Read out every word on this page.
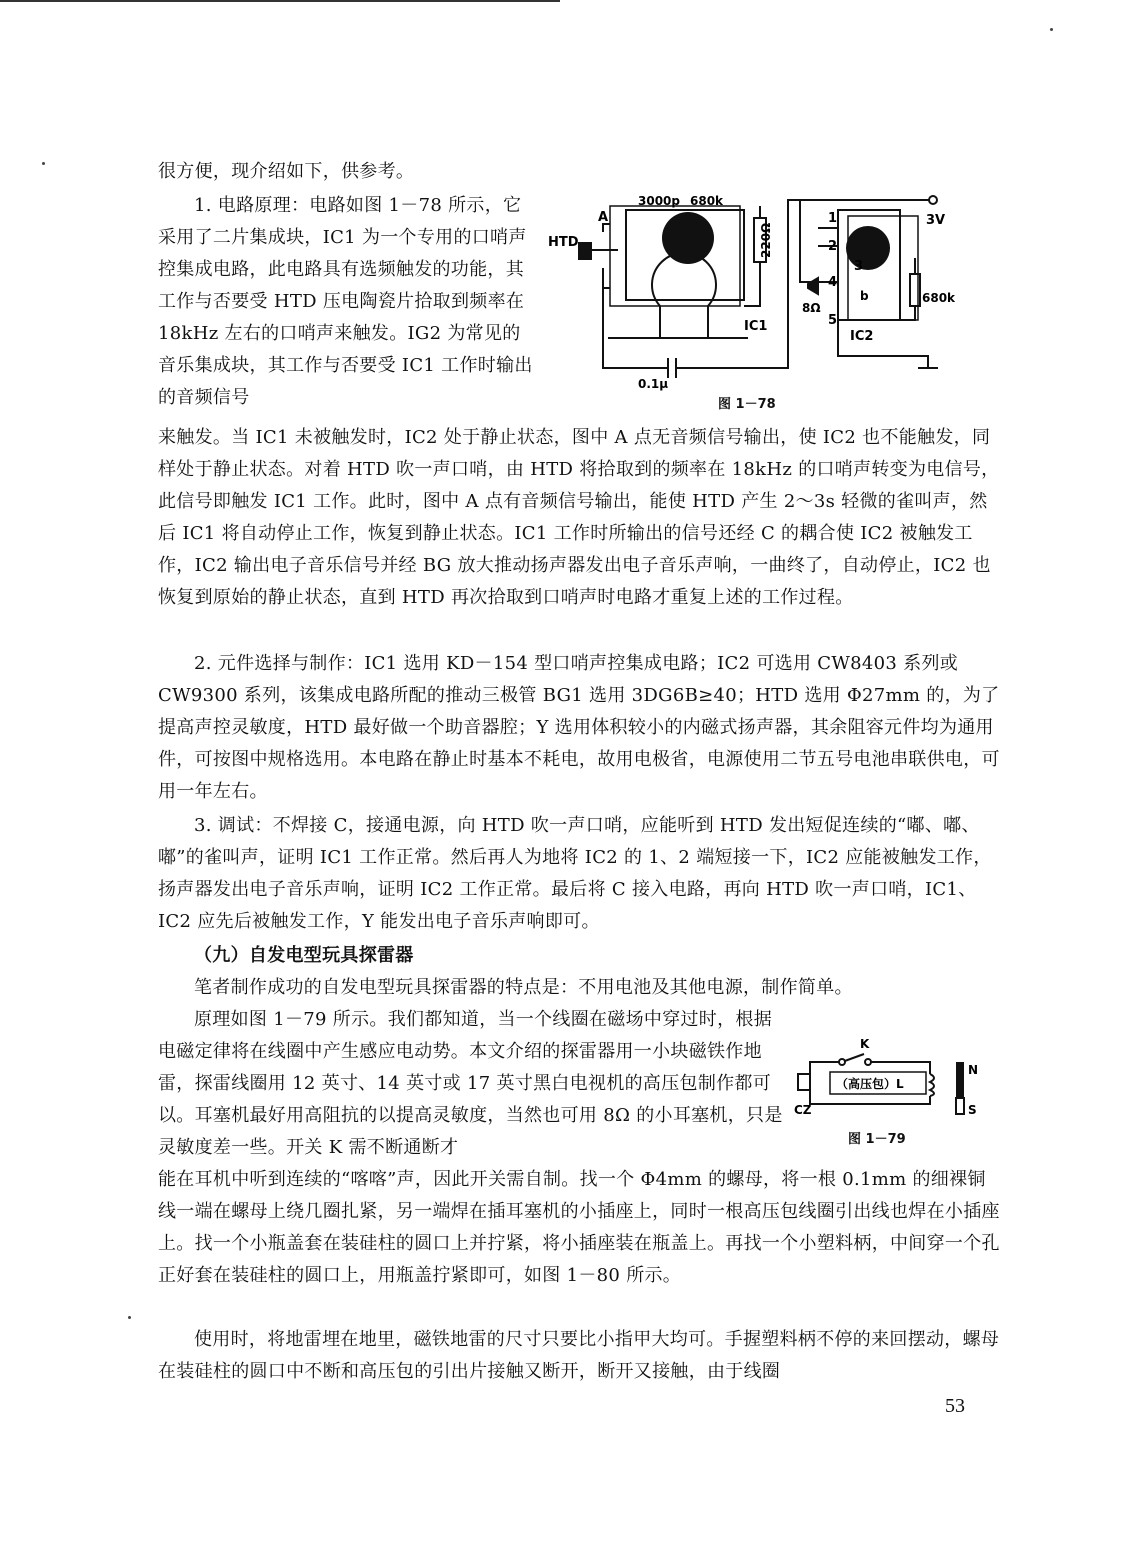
很方便，现介绍如下，供参考。

1. 电路原理：电路如图 1－78 所示，它采用了二片集成块，IC1 为一个专用的口哨声控集成电路，此电路具有选频触发的功能，其工作与否要受 HTD 压电陶瓷片拾取到频率在 18kHz 左右的口哨声来触发。IG2 为常见的音乐集成块，其工作与否要受 IC1 工作时输出的音频信号

3000p 680k
A
HTD	220Ω
3V
IC1
IC2
8Ω
680k
0.1μ
1
2
3
4
5
b
图 1－78

来触发。当 IC1 未被触发时，IC2 处于静止状态，图中 A 点无音频信号输出，使 IC2 也不能触发，同样处于静止状态。对着 HTD 吹一声口哨，由 HTD 将拾取到的频率在 18kHz 的口哨声转变为电信号，此信号即触发 IC1 工作。此时，图中 A 点有音频信号输出，能使 HTD 产生 2～3s 轻微的雀叫声，然后 IC1 将自动停止工作，恢复到静止状态。IC1 工作时所输出的信号还经 C 的耦合使 IC2 被触发工作，IC2 输出电子音乐信号并经 BG 放大推动扬声器发出电子音乐声响，一曲终了，自动停止，IC2 也恢复到原始的静止状态，直到 HTD 再次拾取到口哨声时电路才重复上述的工作过程。

2. 元件选择与制作：IC1 选用 KD－154 型口哨声控集成电路；IC2 可选用 CW8403 系列或 CW9300 系列，该集成电路所配的推动三极管 BG1 选用 3DG6B≥40；HTD 选用 Φ27mm 的，为了提高声控灵敏度，HTD 最好做一个助音器腔；Y 选用体积较小的内磁式扬声器，其余阻容元件均为通用件，可按图中规格选用。本电路在静止时基本不耗电，故用电极省，电源使用二节五号电池串联供电，可用一年左右。

3. 调试：不焊接 C，接通电源，向 HTD 吹一声口哨，应能听到 HTD 发出短促连续的“嘟、嘟、嘟”的雀叫声，证明 IC1 工作正常。然后再人为地将 IC2 的 1、2 端短接一下，IC2 应能被触发工作，扬声器发出电子音乐声响，证明 IC2 工作正常。最后将 C 接入电路，再向 HTD 吹一声口哨，IC1、IC2 应先后被触发工作，Y 能发出电子音乐声响即可。

（九）自发电型玩具探雷器

笔者制作成功的自发电型玩具探雷器的特点是：不用电池及其他电源，制作简单。

原理如图 1－79 所示。我们都知道，当一个线圈在磁场中穿过时，根据电磁定律将在线圈中产生感应电动势。本文介绍的探雷器用一小块磁铁作地雷，探雷线圈用 12 英寸、14 英寸或 17 英寸黑白电视机的高压包制作都可以。耳塞机最好用高阻抗的以提高灵敏度，当然也可用 8Ω 的小耳塞机，只是灵敏度差一些。开关 K 需不断通断才

K
（高压包）L
CZ
N
S
图 1－79

能在耳机中听到连续的“喀喀”声，因此开关需自制。找一个 Φ4mm 的螺母，将一根 0.1mm 的细裸铜线一端在螺母上绕几圈扎紧，另一端焊在插耳塞机的小插座上，同时一根高压包线圈引出线也焊在小插座上。找一个小瓶盖套在装硅柱的圆口上并拧紧，将小插座装在瓶盖上。再找一个小塑料柄，中间穿一个孔正好套在装硅柱的圆口上，用瓶盖拧紧即可，如图 1－80 所示。

使用时，将地雷埋在地里，磁铁地雷的尺寸只要比小指甲大均可。手握塑料柄不停的来回摆动，螺母在装硅柱的圆口中不断和高压包的引出片接触又断开，断开又接触，由于线圈

53
